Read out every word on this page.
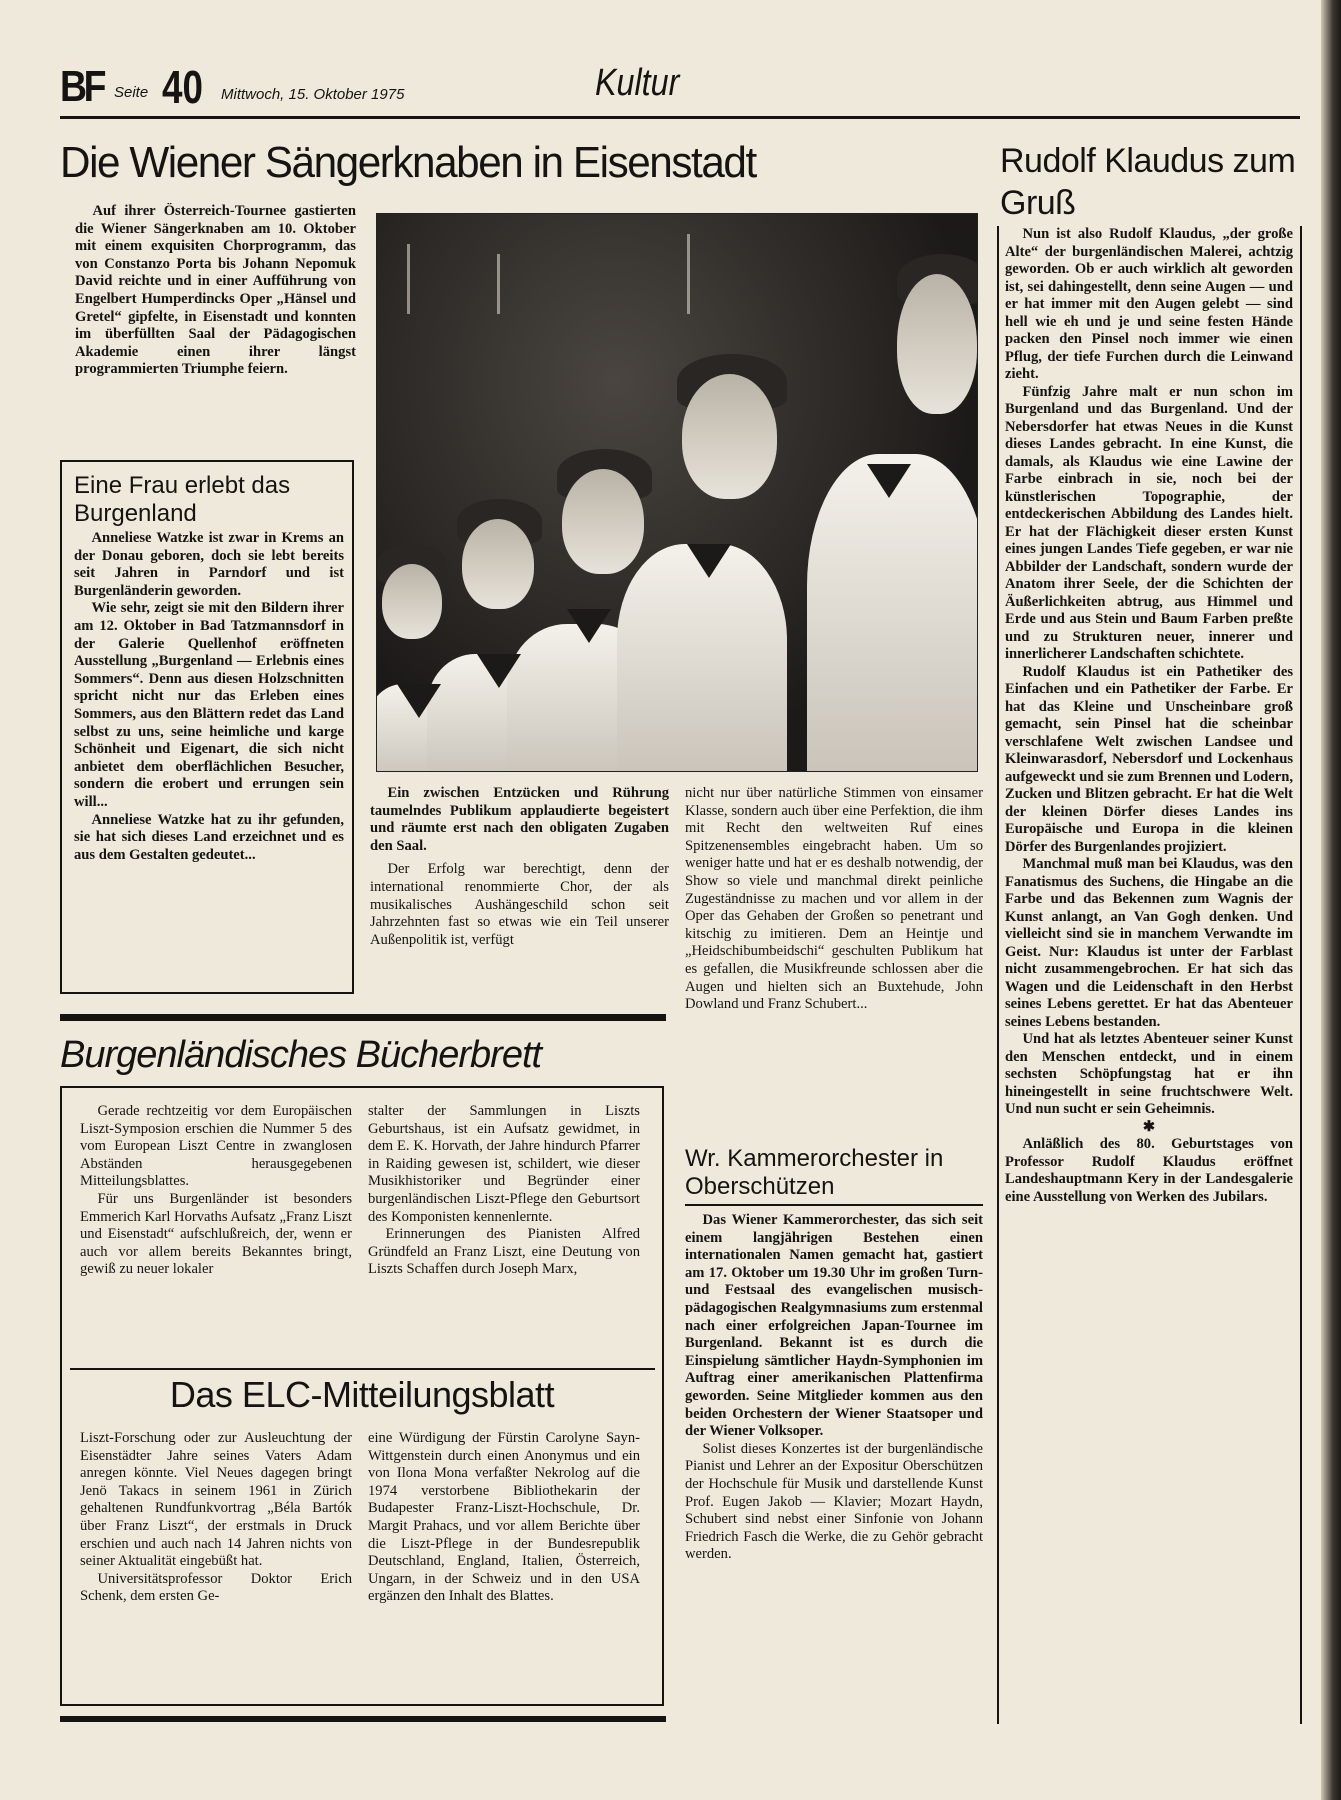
BF Seite 40 Mittwoch, 15. Oktober 1975	Kultur
Die Wiener Sängerknaben in Eisenstadt

Auf ihrer Österreich-Tournee gastierten die Wiener Sängerknaben am 10. Oktober mit einem exquisiten Chorprogramm, das von Constanzo Porta bis Johann Nepomuk David reichte und in einer Aufführung von Engelbert Humperdincks Oper „Hänsel und Gretel“ gipfelte, in Eisenstadt und konnten im überfüllten Saal der Pädagogischen Akademie einen ihrer längst programmierten Triumphe feiern.

Eine Frau erlebt das Burgenland

Anneliese Watzke ist zwar in Krems an der Donau geboren, doch sie lebt bereits seit Jahren in Parndorf und ist Burgenländerin geworden.

Wie sehr, zeigt sie mit den Bildern ihrer am 12. Oktober in Bad Tatzmannsdorf in der Galerie Quellenhof eröffneten Ausstellung „Burgenland — Erlebnis eines Sommers“. Denn aus diesen Holzschnitten spricht nicht nur das Erleben eines Sommers, aus den Blättern redet das Land selbst zu uns, seine heimliche und karge Schönheit und Eigenart, die sich nicht anbietet dem oberflächlichen Besucher, sondern die erobert und errungen sein will...

Anneliese Watzke hat zu ihr gefunden, sie hat sich dieses Land erzeichnet und es aus dem Gestalten gedeutet...

Ein zwischen Entzücken und Rührung taumelndes Publikum applaudierte begeistert und räumte erst nach den obligaten Zugaben den Saal.

Der Erfolg war berechtigt, denn der international renommierte Chor, der als musikalisches Aushängeschild schon seit Jahrzehnten fast so etwas wie ein Teil unserer Außenpolitik ist, verfügt

nicht nur über natürliche Stimmen von einsamer Klasse, sondern auch über eine Perfektion, die ihm mit Recht den weltweiten Ruf eines Spitzenensembles eingebracht haben. Um so weniger hatte und hat er es deshalb notwendig, der Show so viele und manchmal direkt peinliche Zugeständnisse zu machen und vor allem in der Oper das Gehaben der Großen so penetrant und kitschig zu imitieren. Dem an Heintje und „Heidschibumbeidschi“ geschulten Publikum hat es gefallen, die Musikfreunde schlossen aber die Augen und hielten sich an Buxtehude, John Dowland und Franz Schubert...

Wr. Kammerorchester in Oberschützen

Das Wiener Kammerorchester, das sich seit einem langjährigen Bestehen einen internationalen Namen gemacht hat, gastiert am 17. Oktober um 19.30 Uhr im großen Turn- und Festsaal des evangelischen musisch-pädagogischen Realgymnasiums zum erstenmal nach einer erfolgreichen Japan-Tournee im Burgenland. Bekannt ist es durch die Einspielung sämtlicher Haydn-Symphonien im Auftrag einer amerikanischen Plattenfirma geworden. Seine Mitglieder kommen aus den beiden Orchestern der Wiener Staatsoper und der Wiener Volksoper.

Solist dieses Konzertes ist der burgenländische Pianist und Lehrer an der Expositur Oberschützen der Hochschule für Musik und darstellende Kunst Prof. Eugen Jakob — Klavier; Mozart Haydn, Schubert sind nebst einer Sinfonie von Johann Friedrich Fasch die Werke, die zu Gehör gebracht werden.

Rudolf Klaudus zum Gruß

Nun ist also Rudolf Klaudus, „der große Alte“ der burgenländischen Malerei, achtzig geworden. Ob er auch wirklich alt geworden ist, sei dahingestellt, denn seine Augen — und er hat immer mit den Augen gelebt — sind hell wie eh und je und seine festen Hände packen den Pinsel noch immer wie einen Pflug, der tiefe Furchen durch die Leinwand zieht.

Fünfzig Jahre malt er nun schon im Burgenland und das Burgenland. Und der Nebersdorfer hat etwas Neues in die Kunst dieses Landes gebracht. In eine Kunst, die damals, als Klaudus wie eine Lawine der Farbe einbrach in sie, noch bei der künstlerischen Topographie, der entdeckerischen Abbildung des Landes hielt. Er hat der Flächigkeit dieser ersten Kunst eines jungen Landes Tiefe gegeben, er war nie Abbilder der Landschaft, sondern wurde der Anatom ihrer Seele, der die Schichten der Äußerlichkeiten abtrug, aus Himmel und Erde und aus Stein und Baum Farben preßte und zu Strukturen neuer, innerer und innerlicherer Landschaften schichtete.

Rudolf Klaudus ist ein Pathetiker des Einfachen und ein Pathetiker der Farbe. Er hat das Kleine und Unscheinbare groß gemacht, sein Pinsel hat die scheinbar verschlafene Welt zwischen Landsee und Kleinwarasdorf, Nebersdorf und Lockenhaus aufgeweckt und sie zum Brennen und Lodern, Zucken und Blitzen gebracht. Er hat die Welt der kleinen Dörfer dieses Landes ins Europäische und Europa in die kleinen Dörfer des Burgenlandes projiziert.

Manchmal muß man bei Klaudus, was den Fanatismus des Suchens, die Hingabe an die Farbe und das Bekennen zum Wagnis der Kunst anlangt, an Van Gogh denken. Und vielleicht sind sie in manchem Verwandte im Geist. Nur: Klaudus ist unter der Farblast nicht zusammengebrochen. Er hat sich das Wagen und die Leidenschaft in den Herbst seines Lebens gerettet. Er hat das Abenteuer seines Lebens bestanden.

Und hat als letztes Abenteuer seiner Kunst den Menschen entdeckt, und in einem sechsten Schöpfungstag hat er ihn hineingestellt in seine fruchtschwere Welt. Und nun sucht er sein Geheimnis.

✱

Anläßlich des 80. Geburtstages von Professor Rudolf Klaudus eröffnet Landeshauptmann Kery in der Landesgalerie eine Ausstellung von Werken des Jubilars.

Burgenländisches Bücherbrett

Gerade rechtzeitig vor dem Europäischen Liszt-Symposion erschien die Nummer 5 des vom European Liszt Centre in zwanglosen Abständen herausgegebenen Mitteilungsblattes.

Für uns Burgenländer ist besonders Emmerich Karl Horvaths Aufsatz „Franz Liszt und Eisenstadt“ aufschlußreich, der, wenn er auch vor allem bereits Bekanntes bringt, gewiß zu neuer lokaler

stalter der Sammlungen in Liszts Geburtshaus, ist ein Aufsatz gewidmet, in dem E. K. Horvath, der Jahre hindurch Pfarrer in Raiding gewesen ist, schildert, wie dieser Musikhistoriker und Begründer einer burgenländischen Liszt-Pflege den Geburtsort des Komponisten kennenlernte.

Erinnerungen des Pianisten Alfred Gründfeld an Franz Liszt, eine Deutung von Liszts Schaffen durch Joseph Marx,

Das ELC-Mitteilungsblatt

Liszt-Forschung oder zur Ausleuchtung der Eisenstädter Jahre seines Vaters Adam anregen könnte. Viel Neues dagegen bringt Jenö Takacs in seinem 1961 in Zürich gehaltenen Rundfunkvortrag „Béla Bartók über Franz Liszt“, der erstmals in Druck erschien und auch nach 14 Jahren nichts von seiner Aktualität eingebüßt hat.

Universitätsprofessor Doktor Erich Schenk, dem ersten Ge-

eine Würdigung der Fürstin Carolyne Sayn-Wittgenstein durch einen Anonymus und ein von Ilona Mona verfaßter Nekrolog auf die 1974 verstorbene Bibliothekarin der Budapester Franz-Liszt-Hochschule, Dr. Margit Prahacs, und vor allem Berichte über die Liszt-Pflege in der Bundesrepublik Deutschland, England, Italien, Österreich, Ungarn, in der Schweiz und in den USA ergänzen den Inhalt des Blattes.
